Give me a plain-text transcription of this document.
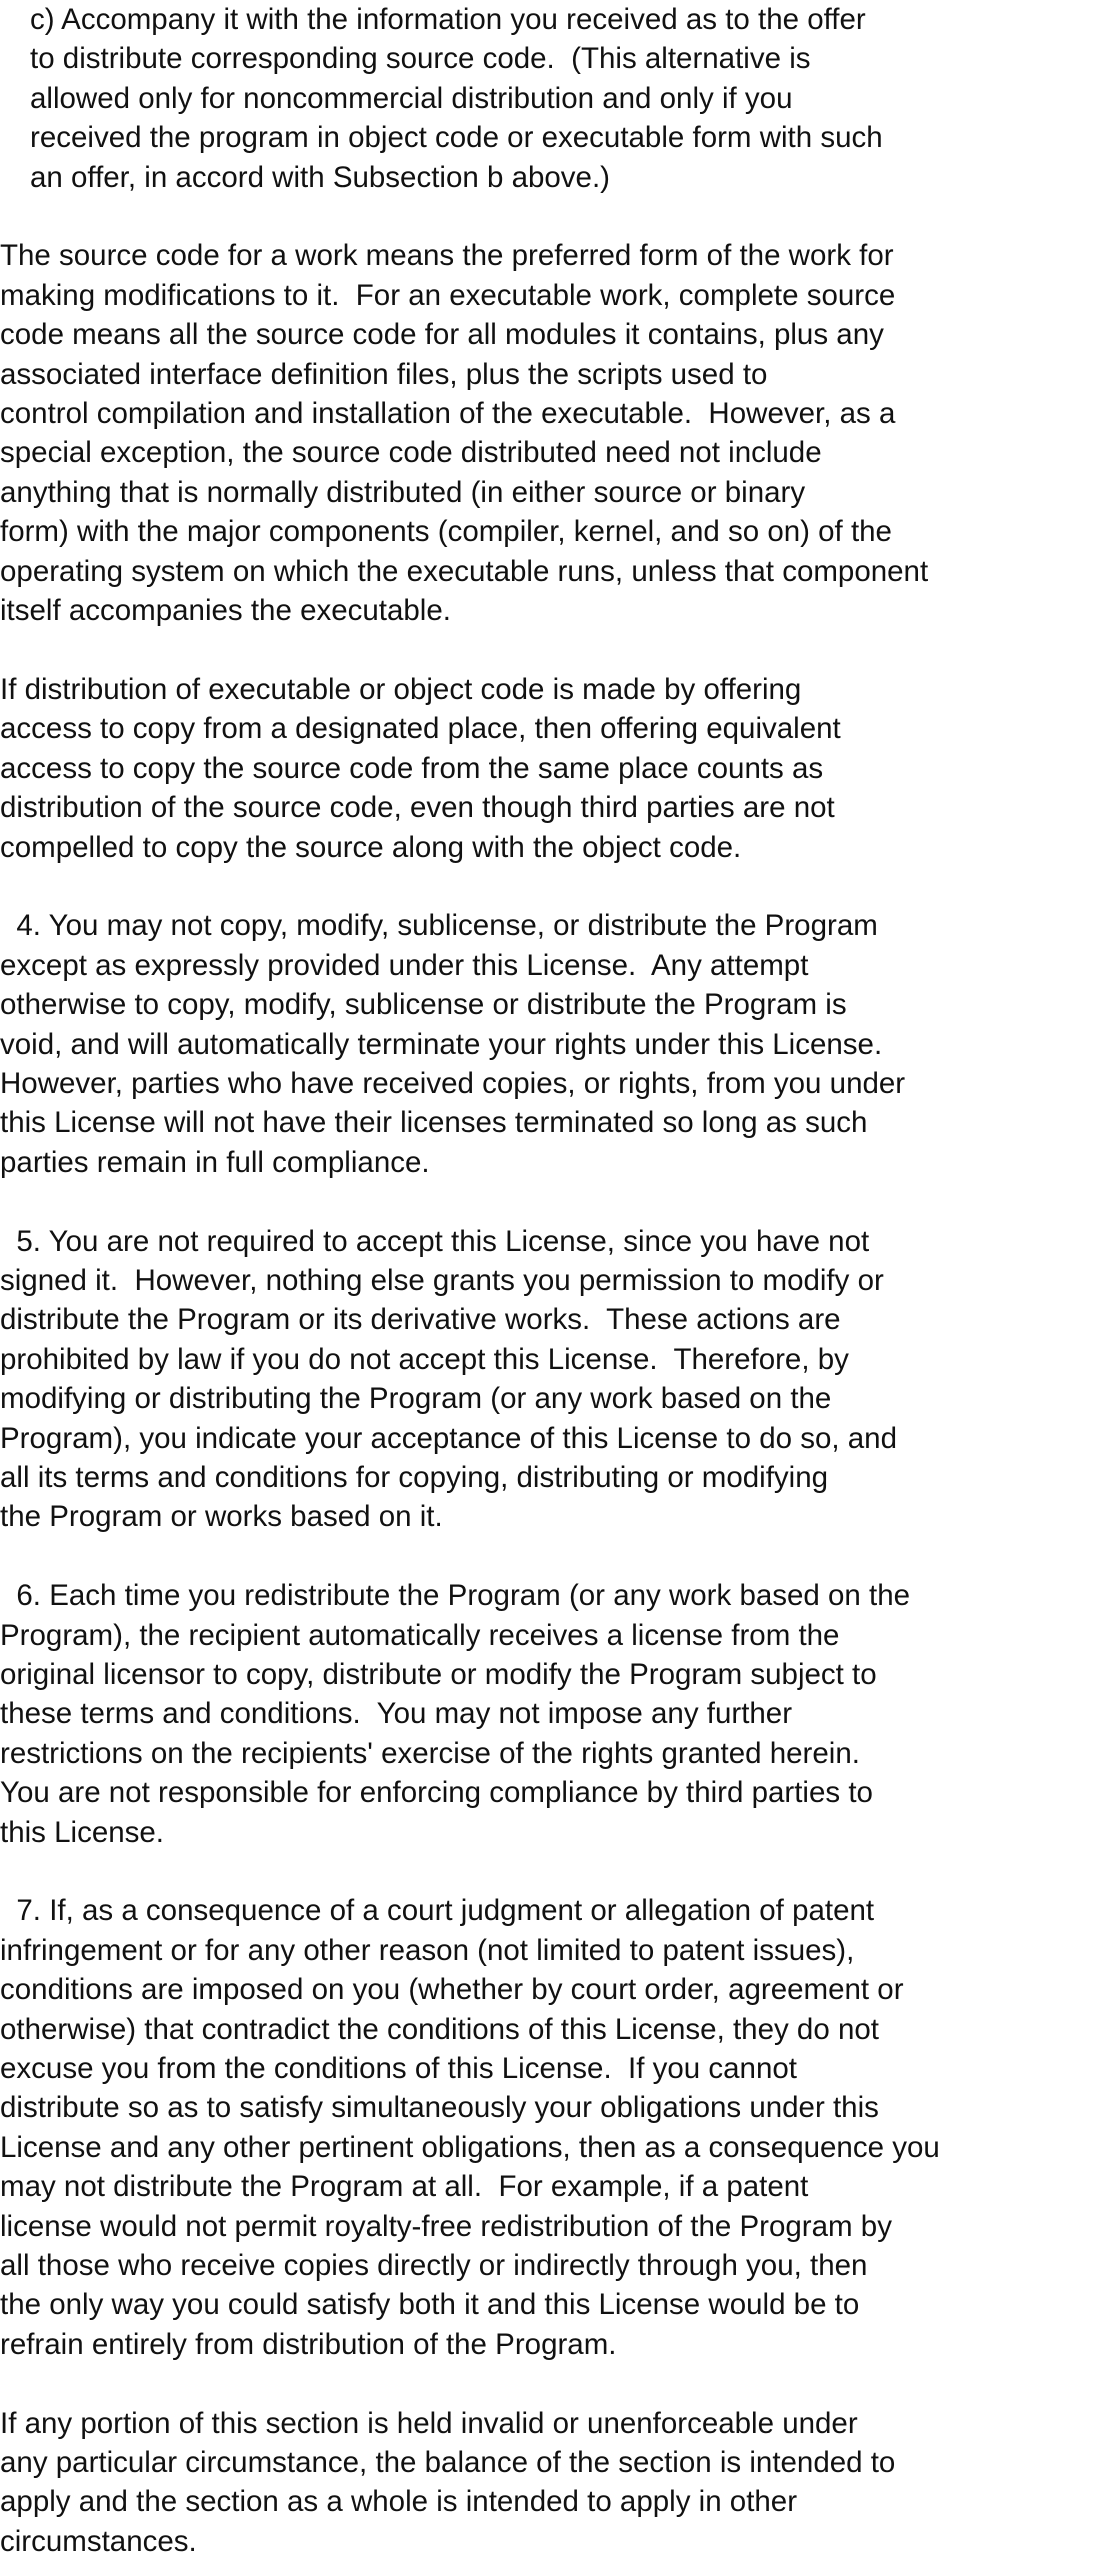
c) Accompany it with the information you received as to the offer

to distribute corresponding source code.  (This alternative is

allowed only for noncommercial distribution and only if you

received the program in object code or executable form with such

an offer, in accord with Subsection b above.)

The source code for a work means the preferred form of the work for

making modifications to it.  For an executable work, complete source

code means all the source code for all modules it contains, plus any

associated interface definition files, plus the scripts used to

control compilation and installation of the executable.  However, as a

special exception, the source code distributed need not include

anything that is normally distributed (in either source or binary

form) with the major components (compiler, kernel, and so on) of the

operating system on which the executable runs, unless that component

itself accompanies the executable.

If distribution of executable or object code is made by offering

access to copy from a designated place, then offering equivalent

access to copy the source code from the same place counts as

distribution of the source code, even though third parties are not

compelled to copy the source along with the object code.

4. You may not copy, modify, sublicense, or distribute the Program

except as expressly provided under this License.  Any attempt

otherwise to copy, modify, sublicense or distribute the Program is

void, and will automatically terminate your rights under this License.

However, parties who have received copies, or rights, from you under

this License will not have their licenses terminated so long as such

parties remain in full compliance.

5. You are not required to accept this License, since you have not

signed it.  However, nothing else grants you permission to modify or

distribute the Program or its derivative works.  These actions are

prohibited by law if you do not accept this License.  Therefore, by

modifying or distributing the Program (or any work based on the

Program), you indicate your acceptance of this License to do so, and

all its terms and conditions for copying, distributing or modifying

the Program or works based on it.

6. Each time you redistribute the Program (or any work based on the

Program), the recipient automatically receives a license from the

original licensor to copy, distribute or modify the Program subject to

these terms and conditions.  You may not impose any further

restrictions on the recipients' exercise of the rights granted herein.

You are not responsible for enforcing compliance by third parties to

this License.

7. If, as a consequence of a court judgment or allegation of patent

infringement or for any other reason (not limited to patent issues),

conditions are imposed on you (whether by court order, agreement or

otherwise) that contradict the conditions of this License, they do not

excuse you from the conditions of this License.  If you cannot

distribute so as to satisfy simultaneously your obligations under this

License and any other pertinent obligations, then as a consequence you

may not distribute the Program at all.  For example, if a patent

license would not permit royalty-free redistribution of the Program by

all those who receive copies directly or indirectly through you, then

the only way you could satisfy both it and this License would be to

refrain entirely from distribution of the Program.

If any portion of this section is held invalid or unenforceable under

any particular circumstance, the balance of the section is intended to

apply and the section as a whole is intended to apply in other

circumstances.
